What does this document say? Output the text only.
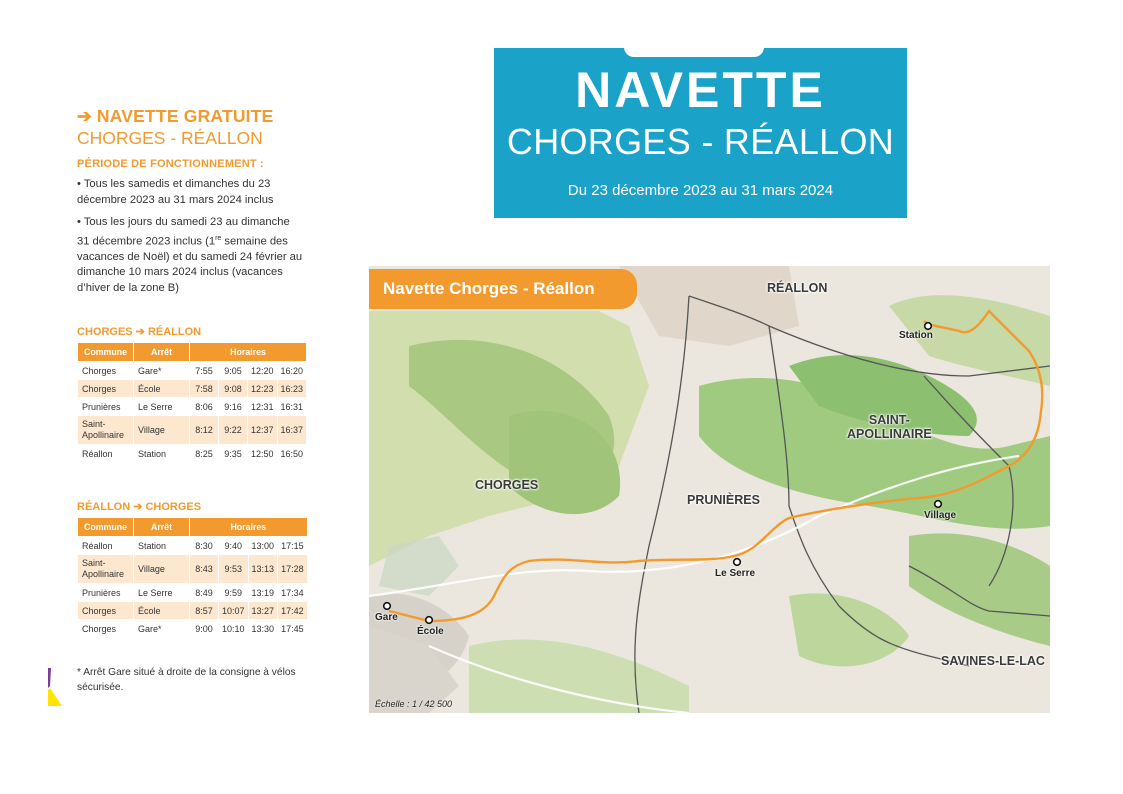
➔ NAVETTE GRATUITE
CHORGES - RÉALLON
PÉRIODE DE FONCTIONNEMENT :
• Tous les samedis et dimanches du 23 décembre 2023 au 31 mars 2024 inclus
• Tous les jours du samedi 23 au dimanche 31 décembre 2023 inclus (1re semaine des vacances de Noël) et du samedi 24 février au dimanche 10 mars 2024 inclus (vacances d’hiver de la zone B)
CHORGES ➔ RÉALLON
Commune	Arrêt	Horaires			
Chorges	Gare*	7:55	9:05	12:20	16:20
Chorges	École	7:58	9:08	12:23	16:23
Prunières	Le Serre	8:06	9:16	12:31	16:31
Saint-
Apollinaire	Village	8:12	9:22	12:37	16:37
Réallon	Station	8:25	9:35	12:50	16:50
RÉALLON ➔ CHORGES
Commune	Arrêt	Horaires			
Réallon	Station	8:30	9:40	13:00	17:15
Saint-
Apollinaire	Village	8:43	9:53	13:13	17:28
Prunières	Le Serre	8:49	9:59	13:19	17:34
Chorges	École	8:57	10:07	13:27	17:42
Chorges	Gare*	9:00	10:10	13:30	17:45
* Arrêt Gare situé à droite de la consigne à vélos sécurisée.
NAVETTE
CHORGES - RÉALLON
Du 23 décembre 2023 au 31 mars 2024
Navette Chorges - Réallon	RÉALLON
CHORGES
PRUNIÈRES
SAINT-
APOLLINAIRE
SAVINES-LE-LAC
Station
Village
Le Serre
Gare
École
Échelle : 1 / 42 500
